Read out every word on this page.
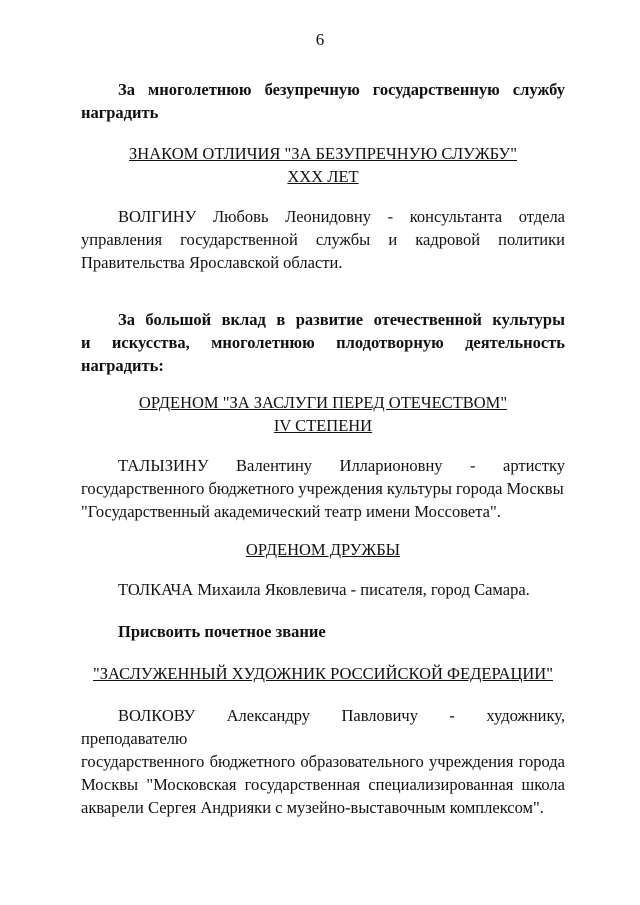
6
За многолетнюю безупречную государственную службу
наградить

ЗНАКОМ ОТЛИЧИЯ "ЗА БЕЗУПРЕЧНУЮ СЛУЖБУ"

XXX ЛЕТ

ВОЛГИНУ Любовь Леонидовну - консультанта отдела
управления государственной службы и кадровой политики
Правительства Ярославской области.
За большой вклад в развитие отечественной культуры
и искусства, многолетнюю плодотворную деятельность
наградить:

ОРДЕНОМ "ЗА ЗАСЛУГИ ПЕРЕД ОТЕЧЕСТВОМ"

IV СТЕПЕНИ

ТАЛЫЗИНУ Валентину Илларионовну - артистку
государственного бюджетного учреждения культуры города Москвы
"Государственный академический театр имени Моссовета".

ОРДЕНОМ ДРУЖБЫ

ТОЛКАЧА Михаила Яковлевича - писателя, город Самара.
Присвоить почетное звание

"ЗАСЛУЖЕННЫЙ ХУДОЖНИК РОССИЙСКОЙ ФЕДЕРАЦИИ"

ВОЛКОВУ Александру Павловичу - художнику, преподавателю
государственного бюджетного образовательного учреждения города
Москвы "Московская государственная специализированная школа
акварели Сергея Андрияки с музейно-выставочным комплексом".
